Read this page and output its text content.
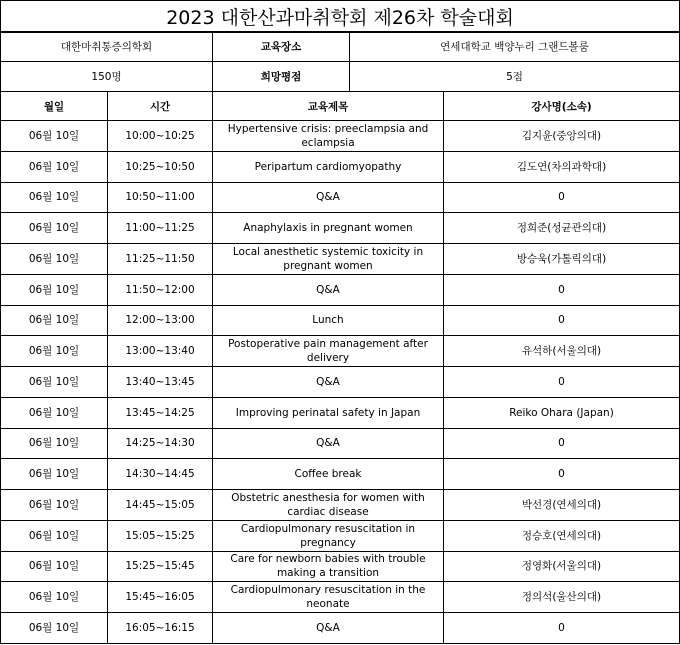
2023 대한산과마취학회 제26차 학술대회
대한마취통증의학회	교육장소	연세대학교 백양누리 그랜드볼룸
150명	희망평점	5점
월일	시간	교육제목	강사명(소속)
06월 10일	10:00~10:25	Hypertensive crisis: preeclampsia and eclampsia	김지윤(중앙의대)
06월 10일	10:25~10:50	Peripartum cardiomyopathy	김도연(차의과학대)
06월 10일	10:50~11:00	Q&A	0
06월 10일	11:00~11:25	Anaphylaxis in pregnant women	정희준(성균관의대)
06월 10일	11:25~11:50	Local anesthetic systemic toxicity in pregnant women	방승욱(가톨릭의대)
06월 10일	11:50~12:00	Q&A	0
06월 10일	12:00~13:00	Lunch	0
06월 10일	13:00~13:40	Postoperative pain management after delivery	유석하(서울의대)
06월 10일	13:40~13:45	Q&A	0
06월 10일	13:45~14:25	Improving perinatal safety in Japan	Reiko Ohara (Japan)
06월 10일	14:25~14:30	Q&A	0
06월 10일	14:30~14:45	Coffee break	0
06월 10일	14:45~15:05	Obstetric anesthesia for women with cardiac disease	박선경(연세의대)
06월 10일	15:05~15:25	Cardiopulmonary resuscitation in pregnancy	정승호(연세의대)
06월 10일	15:25~15:45	Care for newborn babies with trouble making a transition	정영화(서울의대)
06월 10일	15:45~16:05	Cardiopulmonary resuscitation in the neonate	정의석(울산의대)
06월 10일	16:05~16:15	Q&A	0
